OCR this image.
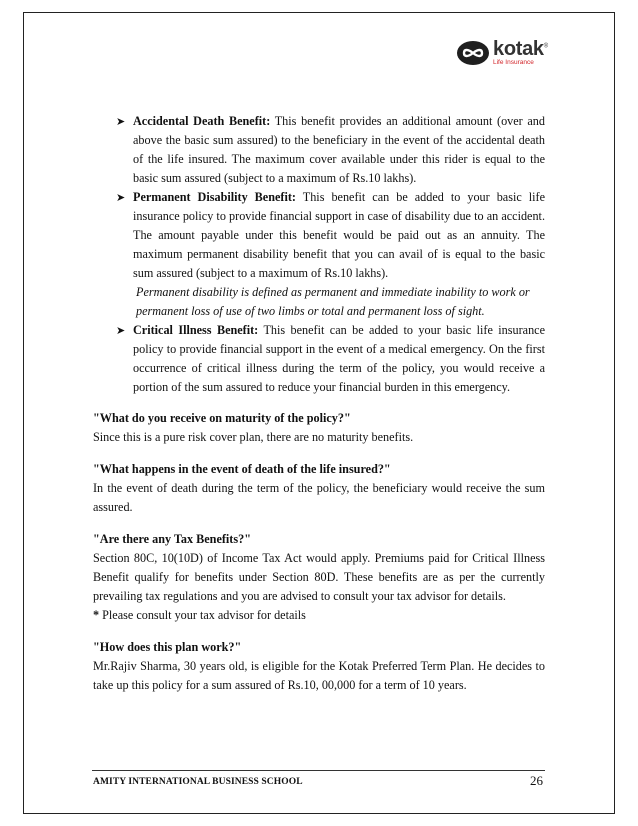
kotak®
Life Insurance
➤ Accidental Death Benefit: This benefit provides an additional amount (over and above the basic sum assured) to the beneficiary in the event of the accidental death of the life insured. The maximum cover available under this rider is equal to the basic sum assured (subject to a maximum of Rs.10 lakhs).
➤ Permanent Disability Benefit: This benefit can be added to your basic life insurance policy to provide financial support in case of disability due to an accident. The amount payable under this benefit would be paid out as an annuity. The maximum permanent disability benefit that you can avail of is equal to the basic sum assured (subject to a maximum of Rs.10 lakhs).
Permanent disability is defined as permanent and immediate inability to work or permanent loss of use of two limbs or total and permanent loss of sight.
➤ Critical Illness Benefit: This benefit can be added to your basic life insurance policy to provide financial support in the event of a medical emergency. On the first occurrence of critical illness during the term of the policy, you would receive a portion of the sum assured to reduce your financial burden in this emergency.
"What do you receive on maturity of the policy?"
Since this is a pure risk cover plan, there are no maturity benefits.
"What happens in the event of death of the life insured?"
In the event of death during the term of the policy, the beneficiary would receive the sum assured.
"Are there any Tax Benefits?"
Section 80C, 10(10D) of Income Tax Act would apply. Premiums paid for Critical Illness Benefit qualify for benefits under Section 80D. These benefits are as per the currently prevailing tax regulations and you are advised to consult your tax advisor for details.
* Please consult your tax advisor for details
"How does this plan work?"
Mr.Rajiv Sharma, 30 years old, is eligible for the Kotak Preferred Term Plan. He decides to take up this policy for a sum assured of Rs.10, 00,000 for a term of 10 years.
AMITY INTERNATIONAL BUSINESS SCHOOL	26
